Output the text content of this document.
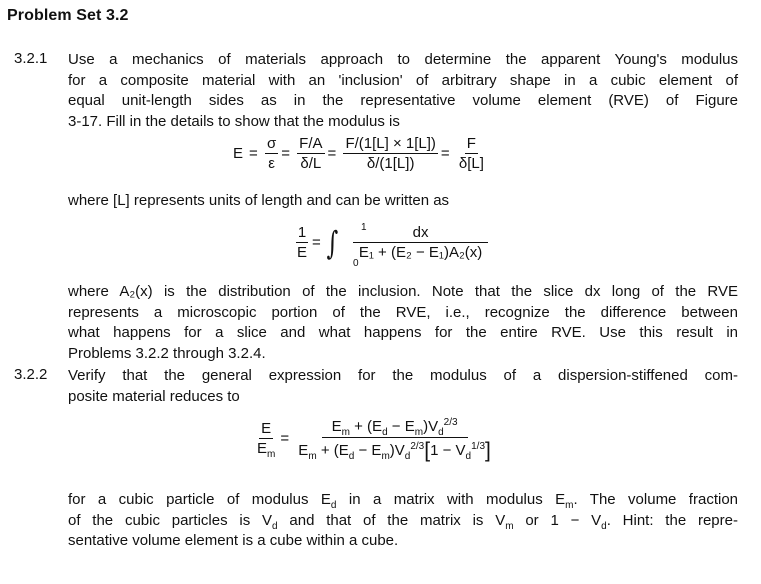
Problem Set 3.2
3.2.1 Use a mechanics of materials approach to determine the apparent Young's modulus
for a composite material with an 'inclusion' of arbitrary shape in a cubic element of
equal unit-length sides as in the representative volume element (RVE) of Figure
3-17. Fill in the details to show that the modulus is
$E = \frac{\sigma}{\varepsilon} = \frac{F/A}{\delta/L} = \frac{F/(1[L] \times 1[L])}{\delta/(1[L])} = \frac{F}{\delta[L]}$
where [L] represents units of length and can be written as
$\frac{1}{E}$ = ∫ 1
0
$\frac{dx}{\text{E₁ + (E₂ − E₁)A₂(x)}}$
where A₂(x) is the distribution of the inclusion. Note that the slice dx long of the RVE
represents a microscopic portion of the RVE, i.e., recognize the difference between
what happens for a slice and what happens for the entire RVE. Use this result in
Problems 3.2.2 through 3.2.4.
3.2.2 Verify that the general expression for the modulus of a dispersion-stiffened com-
posite material reduces to
$\frac{E}{E_m} = \frac{E_m + (E_d - E_m)V_d^{2/3}}{E_m + (E_d - E_m)V_d^{2/3}[1 - V_d^{1/3}]}$
for a cubic particle of modulus $E_d$ in a matrix with modulus $E_m$. The volume fraction
of the cubic particles is $V_d$ and that of the matrix is $V_m$ or $1 - V_d$. Hint: the repre-
sentative volume element is a cube within a cube.
